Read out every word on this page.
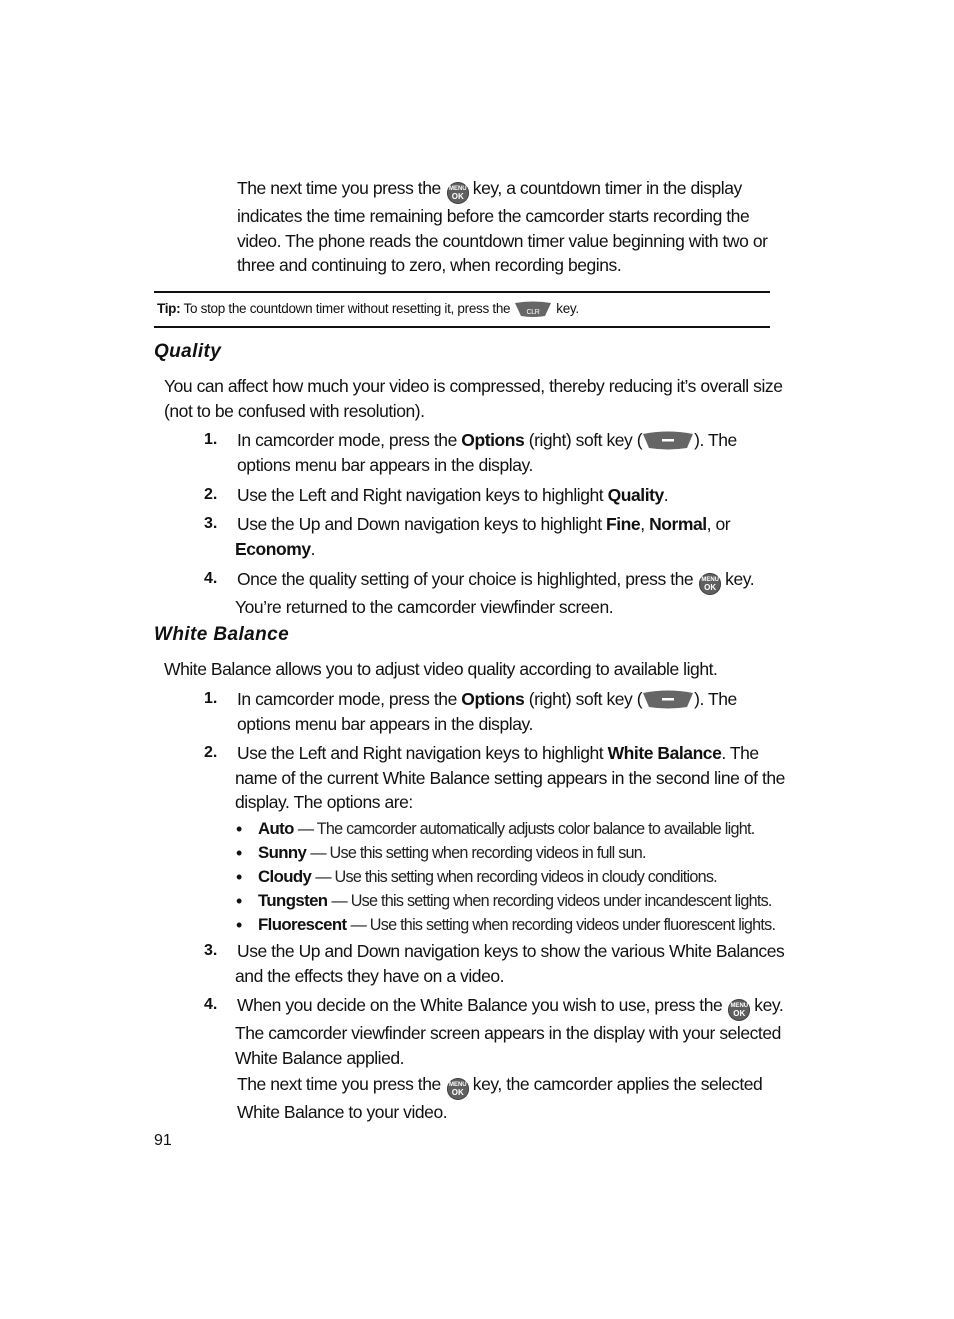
The next time you press the	MENU
OK key, a countdown timer in the display
indicates the time remaining before the camcorder starts recording the
video. The phone reads the countdown timer value beginning with two or
three and continuing to zero, when recording begins.
Tip: To stop the countdown timer without resetting it, press the CLR key.
Quality
You can affect how much your video is compressed, thereby reducing it’s overall size
(not to be confused with resolution).
1. In camcorder mode, press the Options (right) soft key (	). The
options menu bar appears in the display.
2. Use the Left and Right navigation keys to highlight Quality.
3. Use the Up and Down navigation keys to highlight Fine, Normal, or
Economy.
4. Once the quality setting of your choice is highlighted, press the	MENU
OK key.
You’re returned to the camcorder viewfinder screen.
White Balance
White Balance allows you to adjust video quality according to available light.
1. In camcorder mode, press the Options (right) soft key (	). The
options menu bar appears in the display.
2. Use the Left and Right navigation keys to highlight White Balance. The
name of the current White Balance setting appears in the second line of the
display. The options are:
• Auto — The camcorder automatically adjusts color balance to available light.
• Sunny — Use this setting when recording videos in full sun.
• Cloudy — Use this setting when recording videos in cloudy conditions.
• Tungsten — Use this setting when recording videos under incandescent lights.
• Fluorescent — Use this setting when recording videos under fluorescent lights.
3. Use the Up and Down navigation keys to show the various White Balances
and the effects they have on a video.
4. When you decide on the White Balance you wish to use, press the	MENU
OK key.
The camcorder viewfinder screen appears in the display with your selected
White Balance applied.
The next time you press the	MENU
OK key, the camcorder applies the selected
White Balance to your video.
91
